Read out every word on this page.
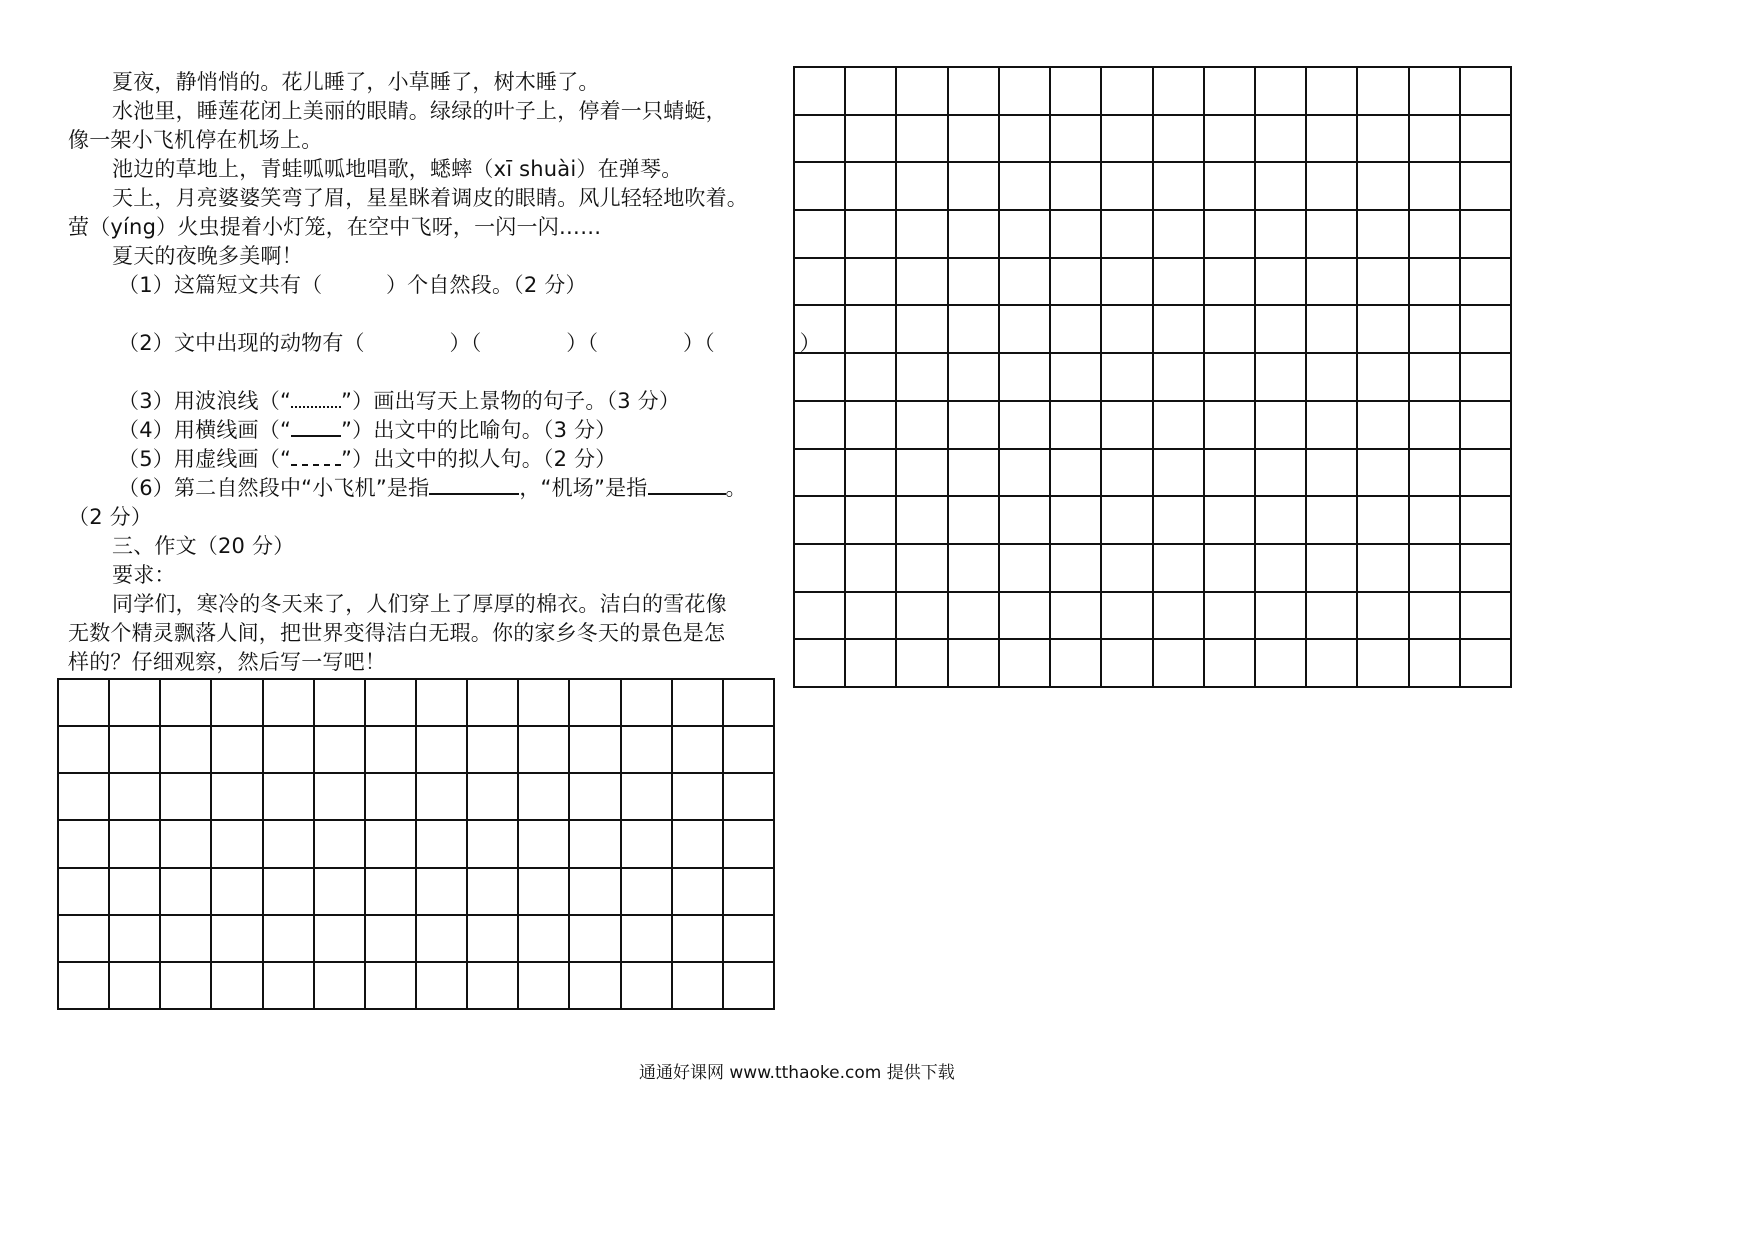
夏夜，静悄悄的。花儿睡了，小草睡了，树木睡了。
水池里，睡莲花闭上美丽的眼睛。绿绿的叶子上，停着一只蜻蜓，
像一架小飞机停在机场上。
池边的草地上，青蛙呱呱地唱歌，蟋蟀（xī shuài）在弹琴。
天上，月亮婆婆笑弯了眉，星星眯着调皮的眼睛。风儿轻轻地吹着。
萤（yíng）火虫提着小灯笼，在空中飞呀，一闪一闪……
夏天的夜晚多美啊！
（1）这篇短文共有（　　　）个自然段。（2 分）
（2）文中出现的动物有（　　　　）（　　　　）（　　　　）（　　　　）
（3）用波浪线（“ ”）画出写天上景物的句子。（3 分）
（4）用横线画（“ ”）出文中的比喻句。（3 分）
（5）用虚线画（“ ”）出文中的拟人句。（2 分）
（6）第二自然段中“小飞机”是指	，“机场”是指	。
（2 分）
三、作文（20 分）
要求：
同学们，寒冷的冬天来了，人们穿上了厚厚的棉衣。洁白的雪花像
无数个精灵飘落人间，把世界变得洁白无瑕。你的家乡冬天的景色是怎
样的？仔细观察，然后写一写吧！
通通好课网 www.tthaoke.com 提供下载
